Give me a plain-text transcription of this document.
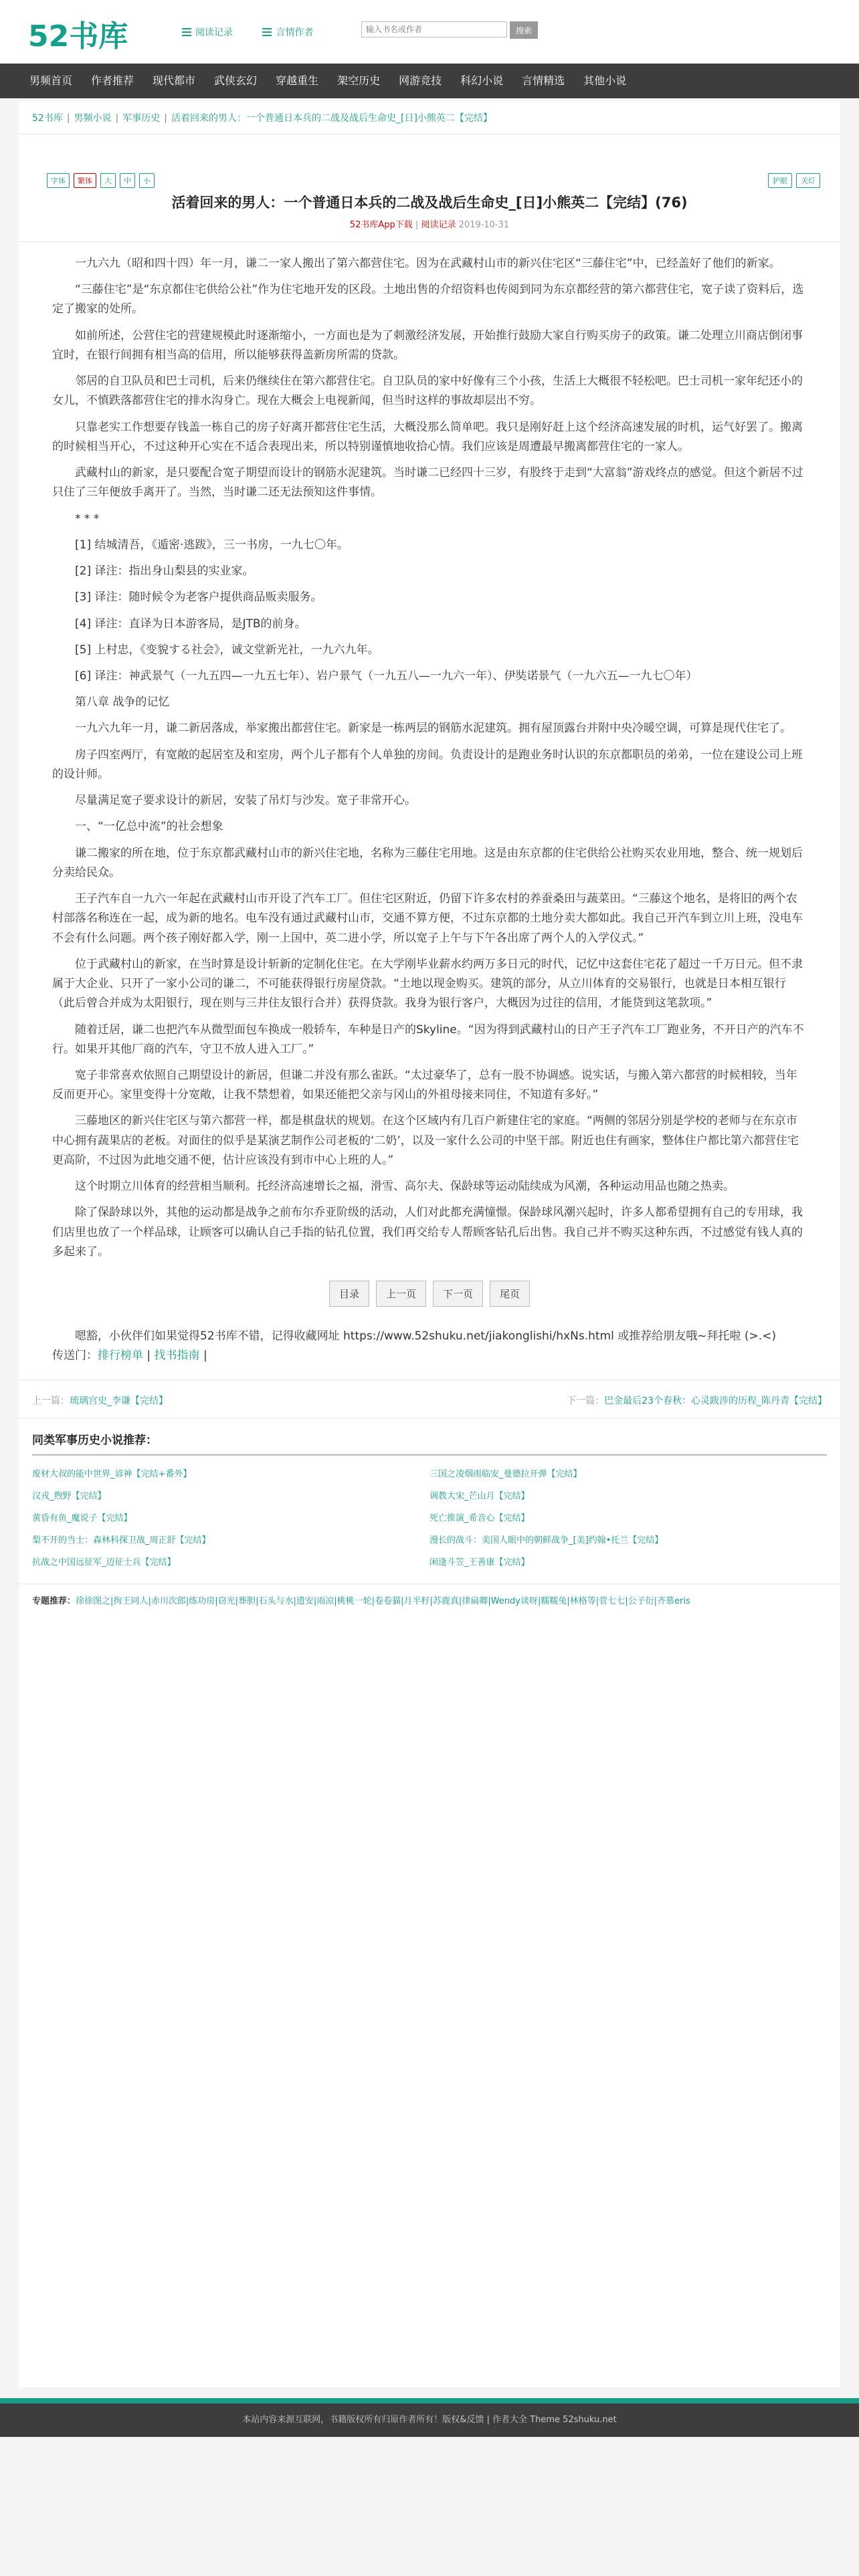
52书库	阅读记录	言情作者
输入书名或作者	搜索
男频首页 作者推荐 现代都市 武侠玄幻 穿越重生 架空历史 网游竞技 科幻小说 言情精选 其他小说
52书库 | 男频小说 | 军事历史 | 活着回来的男人：一个普通日本兵的二战及战后生命史_[日]小熊英二【完结】
字体 繁体 大 中 小	护眼 关灯
活着回来的男人：一个普通日本兵的二战及战后生命史_[日]小熊英二【完结】(76)
52书库App下载 | 阅读记录 2019-10-31

一九六九（昭和四十四）年一月，谦二一家人搬出了第六都营住宅。因为在武藏村山市的新兴住宅区“三藤住宅”中，已经盖好了他们的新家。

“三藤住宅”是“东京都住宅供给公社”作为住宅地开发的区段。土地出售的介绍资料也传阅到同为东京都经营的第六都营住宅，宽子读了资料后，选定了搬家的处所。

如前所述，公营住宅的营建规模此时逐渐缩小，一方面也是为了刺激经济发展，开始推行鼓励大家自行购买房子的政策。谦二处理立川商店倒闭事宜时，在银行间拥有相当高的信用，所以能够获得盖新房所需的贷款。

邻居的自卫队员和巴士司机，后来仍继续住在第六都营住宅。自卫队员的家中好像有三个小孩，生活上大概很不轻松吧。巴士司机一家年纪还小的女儿，不慎跌落都营住宅的排水沟身亡。现在大概会上电视新闻，但当时这样的事故却层出不穷。

只靠老实工作想要存钱盖一栋自己的房子好离开都营住宅生活，大概没那么简单吧。我只是刚好赶上这个经济高速发展的时机，运气好罢了。搬离的时候相当开心，不过这种开心实在不适合表现出来，所以特别谨慎地收拾心情。我们应该是周遭最早搬离都营住宅的一家人。

武藏村山的新家，是只要配合宽子期望而设计的钢筋水泥建筑。当时谦二已经四十三岁，有股终于走到“大富翁”游戏终点的感觉。但这个新居不过只住了三年便放手离开了。当然，当时谦二还无法预知这件事情。

* * *

[1] 结城清吾，《遁密·逃跋》，三一书房，一九七〇年。

[2] 译注：指出身山梨县的实业家。

[3] 译注：随时候令为老客户提供商品贩卖服务。

[4] 译注：直译为日本游客局，是JTB的前身。

[5] 上村忠，《变貌する社会》，诚文堂新光社，一九六九年。

[6] 译注：神武景气（一九五四—一九五七年）、岩户景气（一九五八—一九六一年）、伊奘诺景气（一九六五—一九七〇年）

第八章 战争的记忆

一九六九年一月，谦二新居落成，举家搬出都营住宅。新家是一栋两层的钢筋水泥建筑。拥有屋顶露台并附中央冷暖空调，可算是现代住宅了。

房子四室两厅，有宽敞的起居室及和室房，两个儿子都有个人单独的房间。负责设计的是跑业务时认识的东京都职员的弟弟，一位在建设公司上班的设计师。

尽量满足宽子要求设计的新居，安装了吊灯与沙发。宽子非常开心。

一、“一亿总中流”的社会想象

谦二搬家的所在地，位于东京都武藏村山市的新兴住宅地，名称为三藤住宅用地。这是由东京都的住宅供给公社购买农业用地，整合、统一规划后分卖给民众。

王子汽车自一九六一年起在武藏村山市开设了汽车工厂。但住宅区附近，仍留下许多农村的养蚕桑田与蔬菜田。“三藤这个地名，是将旧的两个农村部落名称连在一起，成为新的地名。电车没有通过武藏村山市，交通不算方便，不过东京都的土地分卖大都如此。我自己开汽车到立川上班，没电车不会有什么问题。两个孩子刚好都入学，刚一上国中，英二进小学，所以宽子上午与下午各出席了两个人的入学仪式。”

位于武藏村山的新家，在当时算是设计斩新的定制化住宅。在大学刚毕业薪水约两万多日元的时代，记忆中这套住宅花了超过一千万日元。但不隶属于大企业、只开了一家小公司的谦二，不可能获得银行房屋贷款。“土地以现金购买。建筑的部分，从立川体育的交易银行，也就是日本相互银行（此后曾合并成为太阳银行，现在则与三井住友银行合并）获得贷款。我身为银行客户，大概因为过往的信用，才能贷到这笔款项。”

随着迁居，谦二也把汽车从微型面包车换成一般轿车，车种是日产的Skyline。“因为得到武藏村山的日产王子汽车工厂跑业务，不开日产的汽车不行。如果开其他厂商的汽车，守卫不放人进入工厂。”

宽子非常喜欢依照自己期望设计的新居，但谦二并没有那么雀跃。“太过豪华了，总有一股不协调感。说实话，与搬入第六都营的时候相较，当年反而更开心。家里变得十分宽敞，让我不禁想着，如果还能把父亲与冈山的外祖母接来同住，不知道有多好。”

三藤地区的新兴住宅区与第六都营一样，都是棋盘状的规划。在这个区域内有几百户新建住宅的家庭。“两侧的邻居分别是学校的老师与在东京市中心拥有蔬果店的老板。对面住的似乎是某演艺制作公司老板的‘二奶’，以及一家什么公司的中坚干部。附近也住有画家，整体住户都比第六都营住宅更高阶，不过因为此地交通不便，估计应该没有到市中心上班的人。”

这个时期立川体育的经营相当顺利。托经济高速增长之福，滑雪、高尔夫、保龄球等运动陆续成为风潮，各种运动用品也随之热卖。

除了保龄球以外，其他的运动都是战争之前布尔乔亚阶级的活动，人们对此都充满憧憬。保龄球风潮兴起时，许多人都希望拥有自己的专用球，我们店里也放了一个样品球，让顾客可以确认自己手指的钻孔位置，我们再交给专人帮顾客钻孔后出售。我自己并不购买这种东西，不过感觉有钱人真的多起来了。

目录	上一页	下一页	尾页

嗯豁，小伙伴们如果觉得52书库不错，记得收藏网址 https://www.52shuku.net/jiakonglishi/hxNs.html 或推荐给朋友哦~拜托啦 (>.<)

传送门：排行榜单 | 找书指南 |
上一篇：琉璃宫史_李谦【完结】	下一篇：巴金最后23个春秋：心灵跋涉的历程_陈丹青【完结】
同类军事历史小说推荐：
废材大叔的能中世界_谚神【完结+番外】	三国之凌烟雨临安_曼德拉开弹【完结】
汉戎_煦野【完结】	调教大宋_芒山月【完结】
黄昏有鱼_魔说子【完结】	死亡推演_希音心【完结】
梨不开的当士：森林科探卫战_周正舒【完结】	漫长的战斗：美国人眼中的朝鲜战争_[美]约翰•托兰【完结】
抗战之中国远征军_迈征士兵【完结】	闲逢斗笠_王善康【完结】
专题推荐：徐徐图之|拘王同人|赤川次郎|练功房|窃光|葬胆|石头与水|遗安|雨凉|桃桃一轮|卷卷猫|月半籽|苏鹿真|律扁卿|Wendy谈呀|糯糯兔|林格等|菅七七|公子衍|齐慕eris
本站内容来源互联网，书籍版权所有归原作者所有！版权&反馈 | 作者大全 Theme 52shuku.net
